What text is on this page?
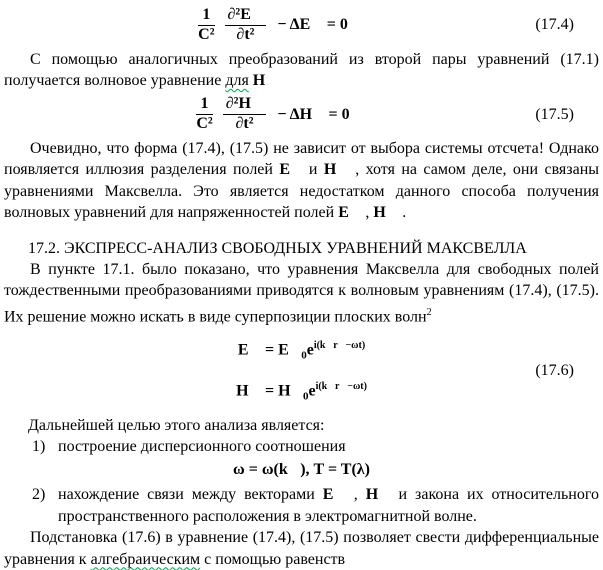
$\frac{1}{\text{C²}}$
$\frac{\text{∂²E⃗}}{\text{∂t²}}$ − ΔE⃗ = 0	(17.4)

С помощью аналогичных преобразований из второй пары уравнений (17.1) получается волновое уравнение для H⃗

$\frac{1}{\text{C²}}$
$\frac{\text{∂²H⃗}}{\text{∂t²}}$ − ΔH⃗ = 0	(17.5)

Очевидно, что форма (17.4), (17.5) не зависит от выбора системы отсчета! Однако появляется иллюзия разделения полей E⃗ и H⃗ , хотя на самом деле, они связаны уравнениями Максвелла. Это является недостатком данного способа получения волновых уравнений для напряженностей полей E⃗ , H⃗ .

17.2. ЭКСПРЕСС-АНАЛИЗ СВОБОДНЫХ УРАВНЕНИЙ МАКСВЕЛЛА

В пункте 17.1. было показано, что уравнения Максвелла для свободных полей тождественными преобразованиями приводятся к волновым уравнениям (17.4), (17.5). Их решение можно искать в виде суперпозиции плоских волн$^2$

E⃗ = $E⃗_0e^{i(k⃗r⃗-\omega t)}$
H⃗ = $H⃗_0e^{i(k⃗r⃗-\omega t)}$
(17.6)

Дальнейшей целью этого анализа является:

1) построение дисперсионного соотношения

ω = ω(k⃗), T = T(λ)
2) нахождение связи между векторами E⃗ , H⃗ и закона их относительного пространственного расположения в электромагнитной волне.

Подстановка (17.6) в уравнение (17.4), (17.5) позволяет свести дифференциальные уравнения к алгебраическим с помощью равенств
